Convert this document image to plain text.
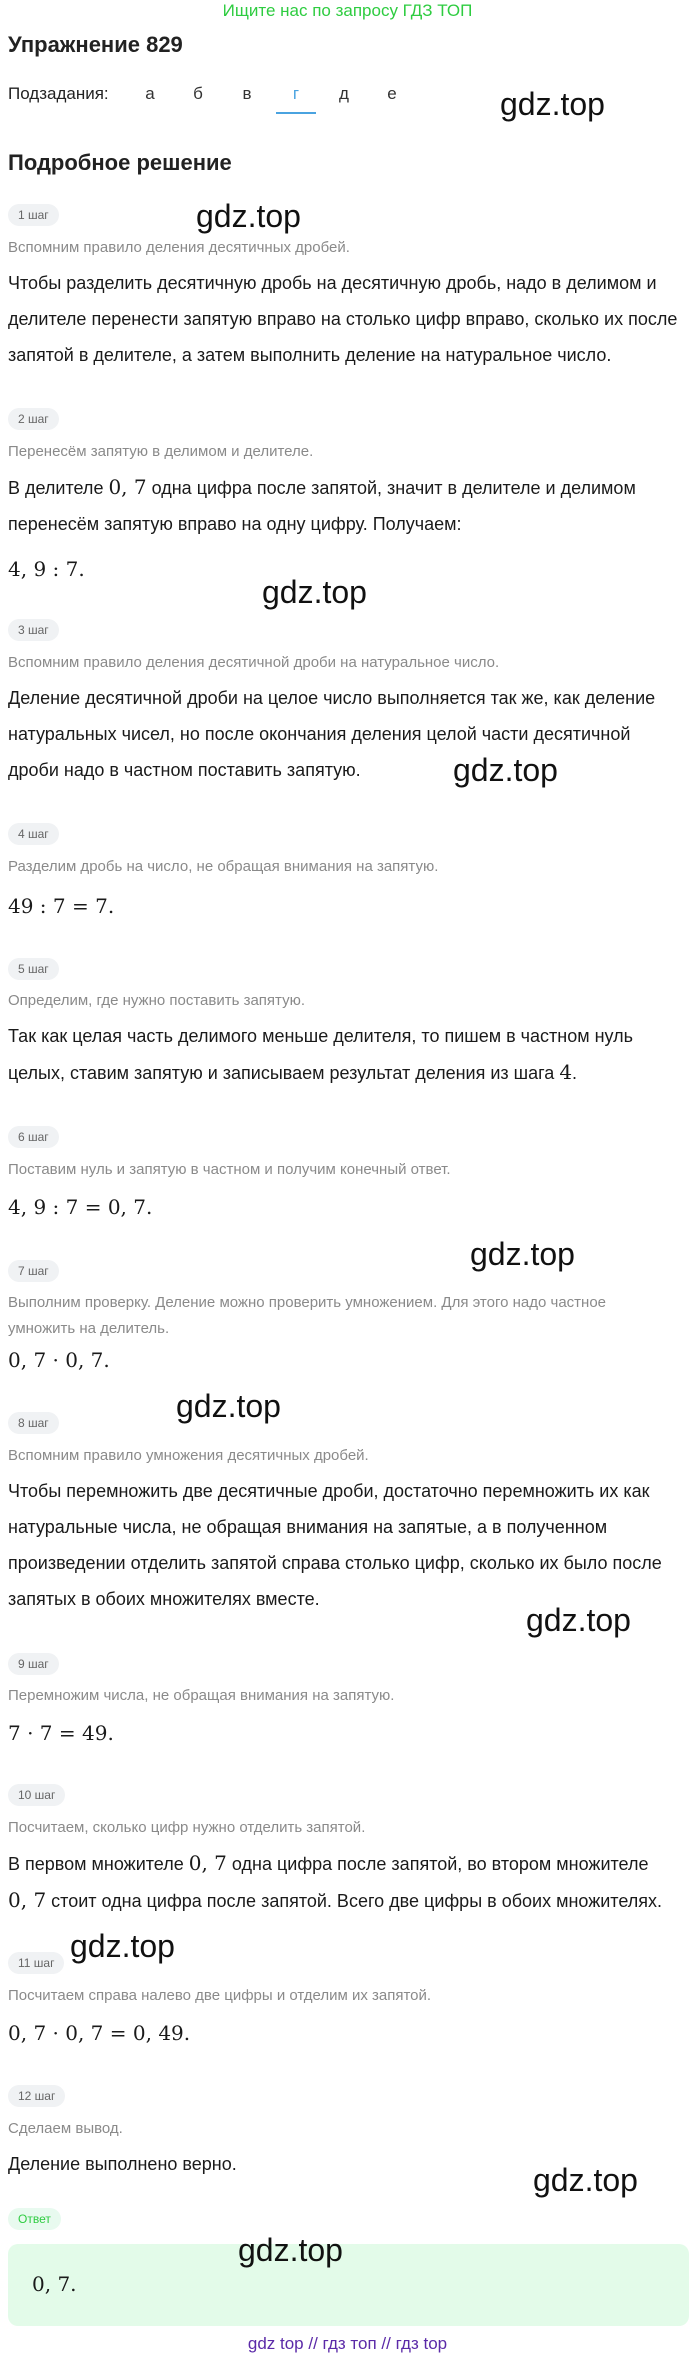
Ищите нас по запросу ГДЗ ТОП
Упражнение 829
Подзадания:	а	б	в	г	д	е	gdz.top
Подробное решение
1 шаг	gdz.top
Вспомним правило деления десятичных дробей.
Чтобы разделить десятичную дробь на десятичную дробь, надо в делимом и
делителе перенести запятую вправо на столько цифр вправо, сколько их после
запятой в делителе, а затем выполнить деление на натуральное число.
2 шаг
Перенесём запятую в делимом и делителе.
В делителе 0, 7 одна цифра после запятой, значит в делителе и делимом
перенесём запятую вправо на одну цифру. Получаем:
4, 9 : 7.
gdz.top
3 шаг
Вспомним правило деления десятичной дроби на натуральное число.
Деление десятичной дроби на целое число выполняется так же, как деление
натуральных чисел, но после окончания деления целой части десятичной
дроби надо в частном поставить запятую.	gdz.top
4 шаг
Разделим дробь на число, не обращая внимания на запятую.
49 : 7 = 7.
5 шаг
Определим, где нужно поставить запятую.
Так как целая часть делимого меньше делителя, то пишем в частном нуль
целых, ставим запятую и записываем результат деления из шага 4.
6 шаг
Поставим нуль и запятую в частном и получим конечный ответ.
4, 9 : 7 = 0, 7.
gdz.top
7 шаг
Выполним проверку. Деление можно проверить умножением. Для этого надо частное
умножить на делитель.
0, 7 · 0, 7.
gdz.top
8 шаг
Вспомним правило умножения десятичных дробей.
Чтобы перемножить две десятичные дроби, достаточно перемножить их как
натуральные числа, не обращая внимания на запятые, а в полученном
произведении отделить запятой справа столько цифр, сколько их было после
запятых в обоих множителях вместе.
gdz.top
9 шаг
Перемножим числа, не обращая внимания на запятую.
7 · 7 = 49.
10 шаг
Посчитаем, сколько цифр нужно отделить запятой.
В первом множителе 0, 7 одна цифра после запятой, во втором множителе
0, 7 стоит одна цифра после запятой. Всего две цифры в обоих множителях.
gdz.top
11 шаг
Посчитаем справа налево две цифры и отделим их запятой.
0, 7 · 0, 7 = 0, 49.
12 шаг
Сделаем вывод.
Деление выполнено верно.	gdz.top
Ответ
0, 7.
gdz.top
gdz top // гдз топ // гдз top
